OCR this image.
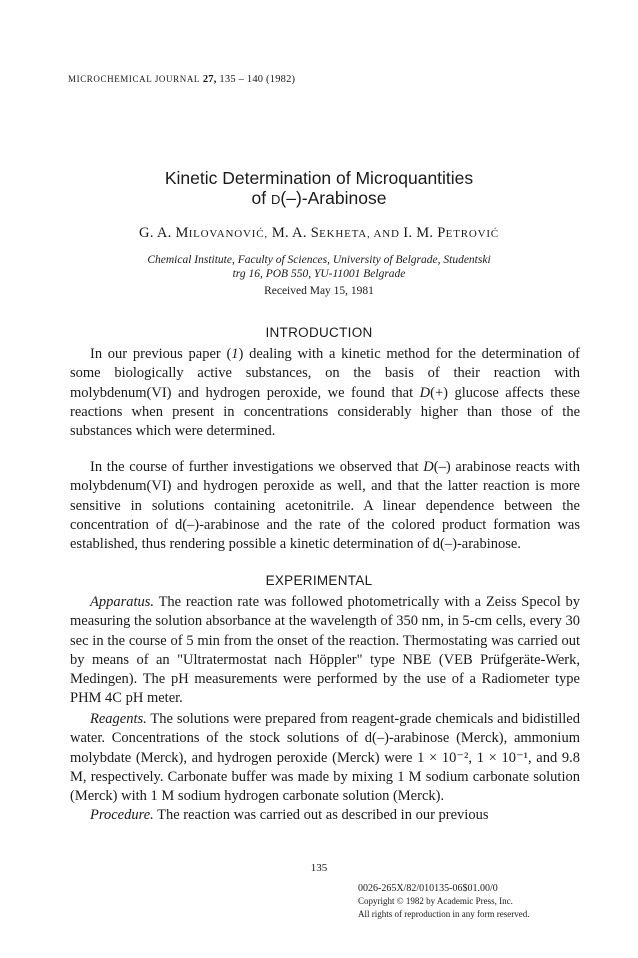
MICROCHEMICAL JOURNAL 27, 135 – 140 (1982)
Kinetic Determination of Microquantities
of D(–)-Arabinose
G. A. MILOVANOVIĆ, M. A. SEKHETA, AND I. M. PETROVIĆ
Chemical Institute, Faculty of Sciences, University of Belgrade, Studentski
trg 16, POB 550, YU-11001 Belgrade
Received May 15, 1981
INTRODUCTION
In our previous paper (1) dealing with a kinetic method for the determination of some biologically active substances, on the basis of their reaction with molybdenum(VI) and hydrogen peroxide, we found that D(+) glucose affects these reactions when present in concentrations considerably higher than those of the substances which were determined.
In the course of further investigations we observed that D(–) arabinose reacts with molybdenum(VI) and hydrogen peroxide as well, and that the latter reaction is more sensitive in solutions containing acetonitrile. A linear dependence between the concentration of d(–)-arabinose and the rate of the colored product formation was established, thus rendering possible a kinetic determination of d(–)-arabinose.
EXPERIMENTAL
Apparatus. The reaction rate was followed photometrically with a Zeiss Specol by measuring the solution absorbance at the wavelength of 350 nm, in 5-cm cells, every 30 sec in the course of 5 min from the onset of the reaction. Thermostating was carried out by means of an "Ultratermostat nach Höppler" type NBE (VEB Prüfgeräte-Werk, Medingen). The pH measurements were performed by the use of a Radiometer type PHM 4C pH meter.
Reagents. The solutions were prepared from reagent-grade chemicals and bidistilled water. Concentrations of the stock solutions of d(–)-arabinose (Merck), ammonium molybdate (Merck), and hydrogen peroxide (Merck) were 1 × 10⁻², 1 × 10⁻¹, and 9.8 M, respectively. Carbonate buffer was made by mixing 1 M sodium carbonate solution (Merck) with 1 M sodium hydrogen carbonate solution (Merck).
Procedure. The reaction was carried out as described in our previous
135
0026-265X/82/010135-06$01.00/0
Copyright © 1982 by Academic Press, Inc.
All rights of reproduction in any form reserved.
